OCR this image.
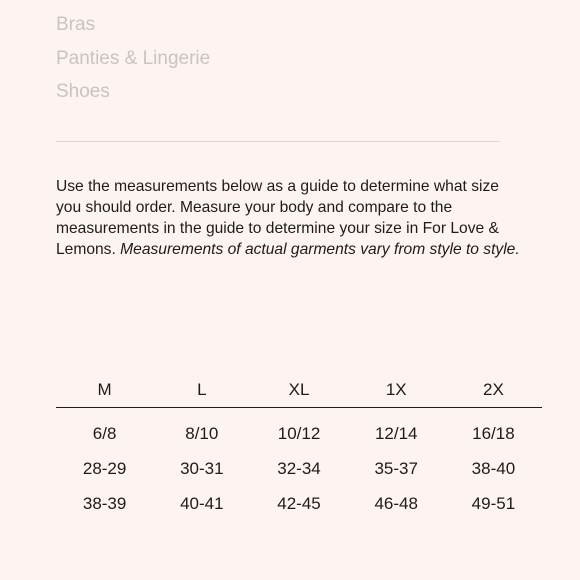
Bras
Panties & Lingerie
Shoes

Use the measurements below as a guide to determine what size you should order. Measure your body and compare to the measurements in the guide to determine your size in For Love & Lemons. Measurements of actual garments vary from style to style.

M	L	XL	1X	2X
6/8	8/10	10/12	12/14	16/18
28-29	30-31	32-34	35-37	38-40
38-39	40-41	42-45	46-48	49-51
